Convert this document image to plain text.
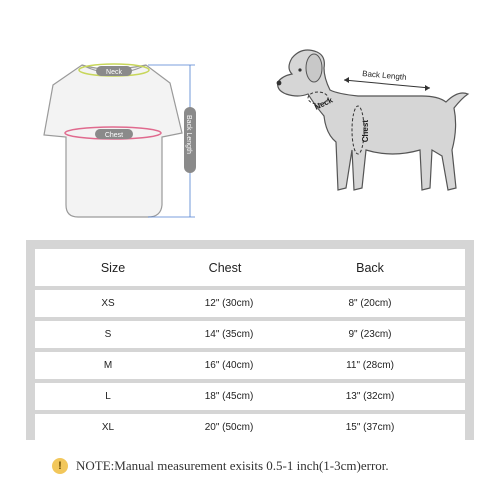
Neck
Chest	Back Length
Back Length
Neck
Chest
Size	Chest	Back
XS	12" (30cm)	8" (20cm)
S	14" (35cm)	9" (23cm)
M	16" (40cm)	11" (28cm)
L	18" (45cm)	13" (32cm)
XL	20" (50cm)	15" (37cm)
!	NOTE:Manual measurement exisits 0.5-1 inch(1-3cm)error.
